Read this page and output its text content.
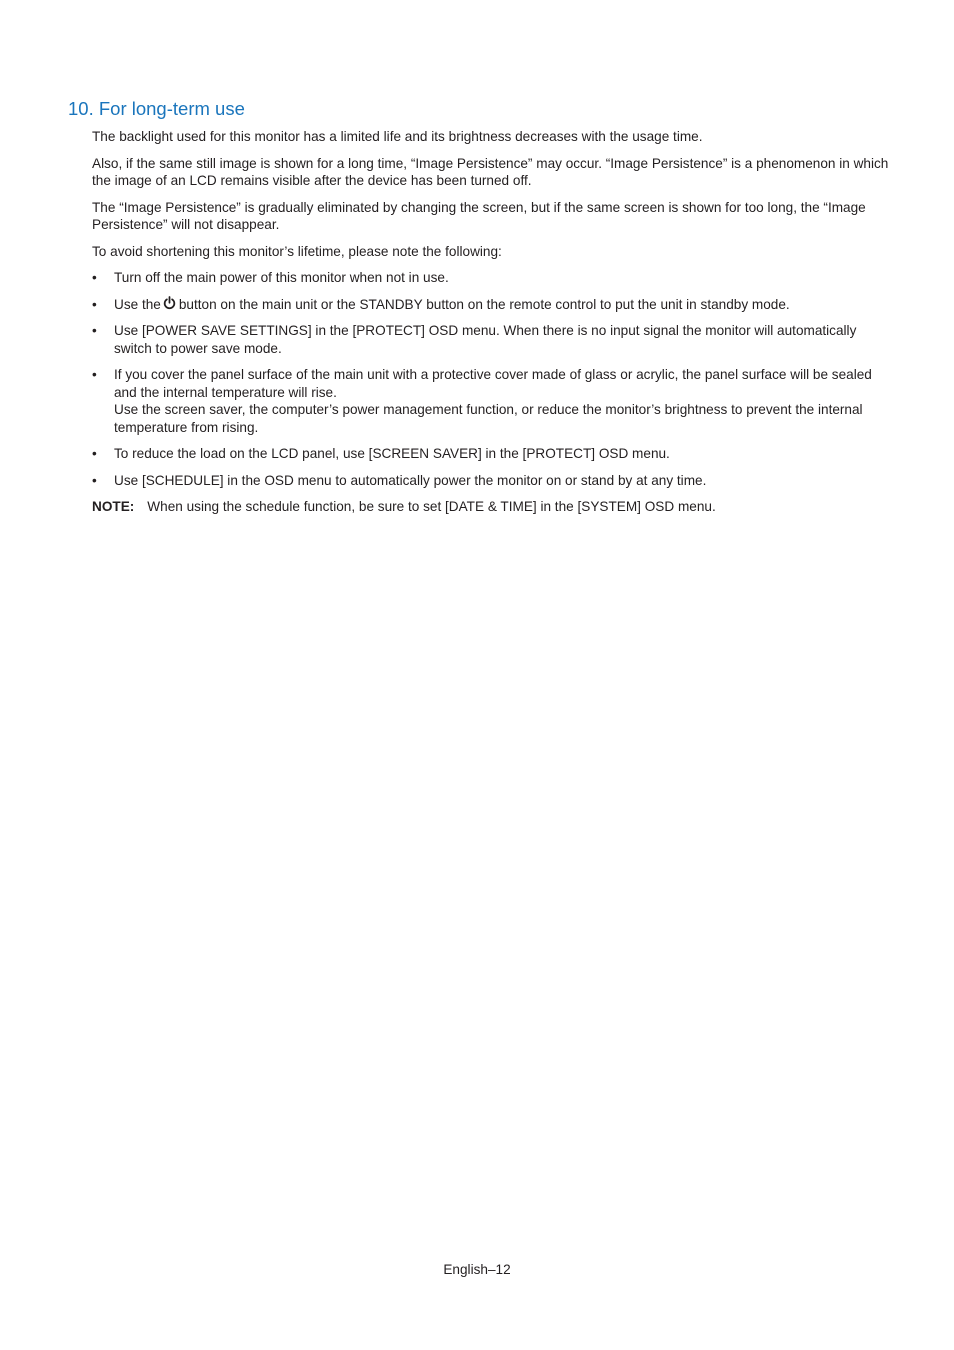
10. For long-term use

The backlight used for this monitor has a limited life and its brightness decreases with the usage time.

Also, if the same still image is shown for a long time, “Image Persistence” may occur. “Image Persistence” is a phenomenon in which the image of an LCD remains visible after the device has been turned off.

The “Image Persistence” is gradually eliminated by changing the screen, but if the same screen is shown for too long, the “Image Persistence” will not disappear.

To avoid shortening this monitor’s lifetime, please note the following:

• Turn off the main power of this monitor when not in use.
• Use the button on the main unit or the STANDBY button on the remote control to put the unit in standby mode.
• Use [POWER SAVE SETTINGS] in the [PROTECT] OSD menu. When there is no input signal the monitor will automatically switch to power save mode.
• If you cover the panel surface of the main unit with a protective cover made of glass or acrylic, the panel surface will be sealed and the internal temperature will rise.
Use the screen saver, the computer’s power management function, or reduce the monitor’s brightness to prevent the internal temperature from rising.
• To reduce the load on the LCD panel, use [SCREEN SAVER] in the [PROTECT] OSD menu.
• Use [SCHEDULE] in the OSD menu to automatically power the monitor on or stand by at any time.

NOTE: When using the schedule function, be sure to set [DATE & TIME] in the [SYSTEM] OSD menu.

English–12
